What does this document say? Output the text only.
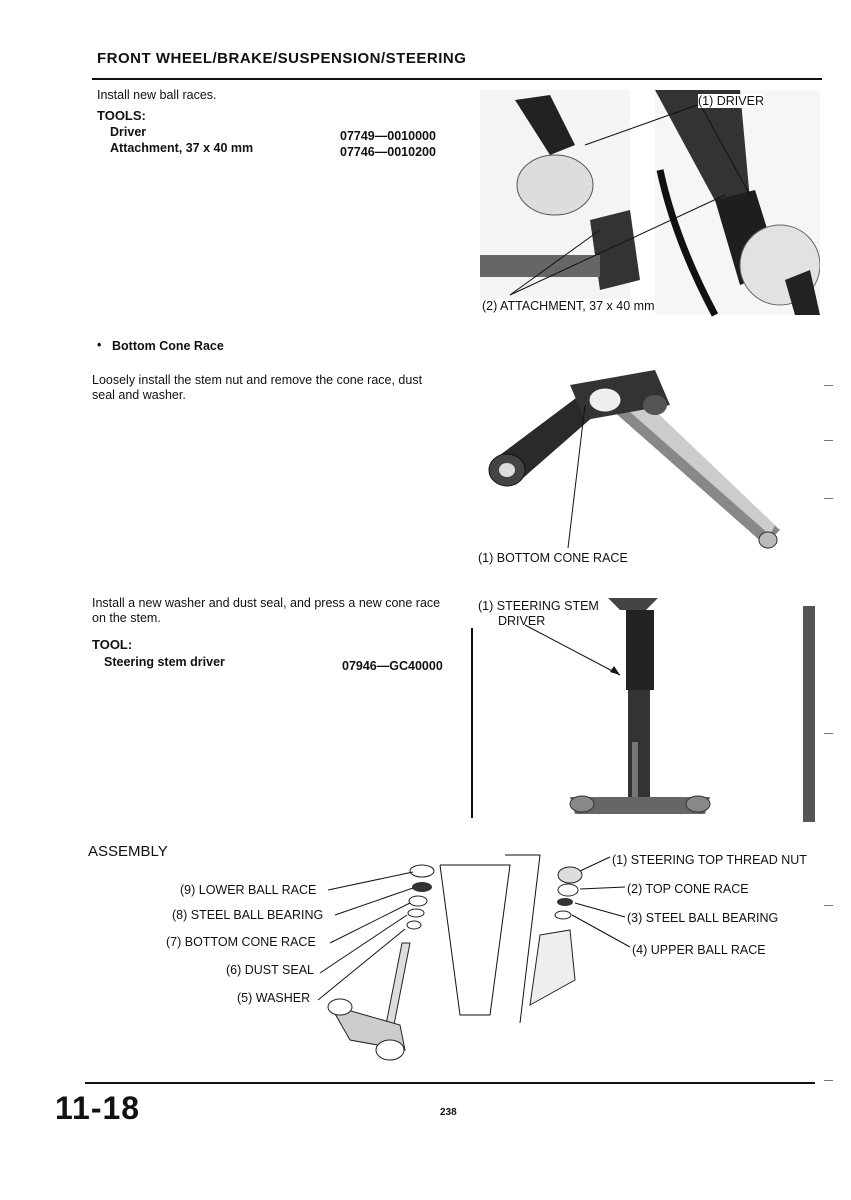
FRONT WHEEL/BRAKE/SUSPENSION/STEERING
Install new ball races.
TOOLS:
Driver	07749—0010000
Attachment, 37 x 40 mm	07746—0010200
(1) DRIVER
(2) ATTACHMENT, 37 x 40 mm
• Bottom Cone Race
Loosely install the stem nut and remove the cone race, dust
seal and washer.
(1) BOTTOM CONE RACE
Install a new washer and dust seal, and press a new cone race
on the stem.
TOOL:
Steering stem driver	07946—GC40000
(1) STEERING STEM
DRIVER
ASSEMBLY
(9) LOWER BALL RACE
(8) STEEL BALL BEARING
(7) BOTTOM CONE RACE
(6) DUST SEAL
(5) WASHER
(1) STEERING TOP THREAD NUT
(2) TOP CONE RACE
(3) STEEL BALL BEARING
(4) UPPER BALL RACE
11-18	238
